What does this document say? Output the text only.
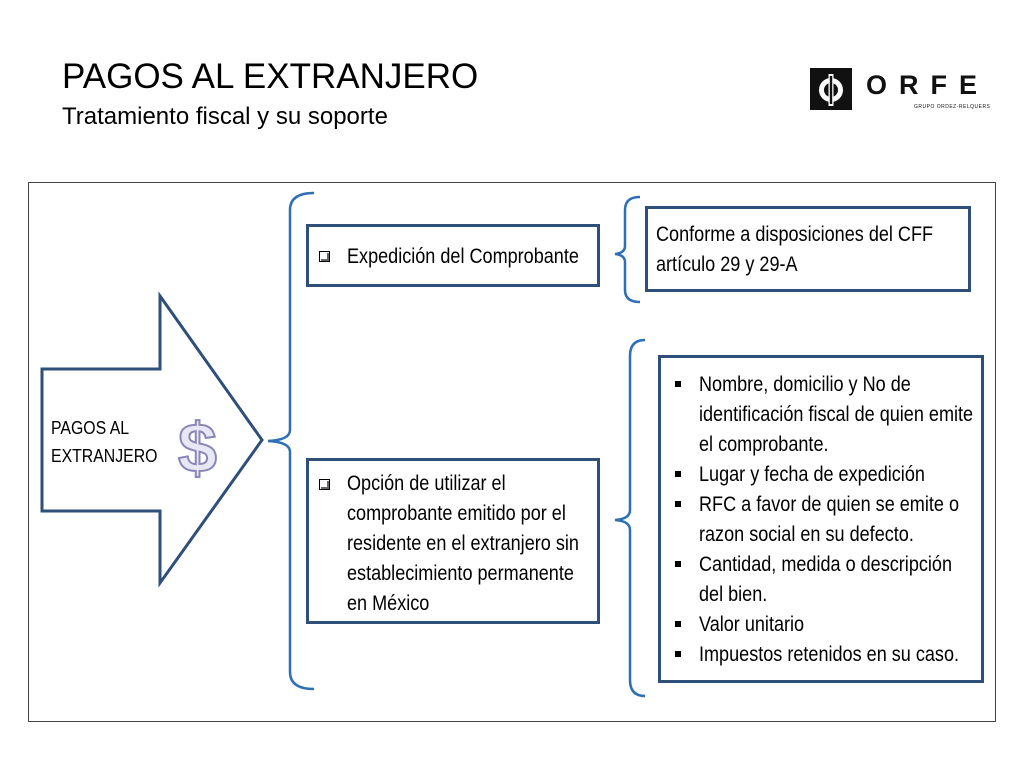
PAGOS AL EXTRANJERO
Tratamiento fiscal y su soporte
ORFE
GRUPO ORDEZ-RELQUERS
PAGOS AL
EXTRANJERO $
Expedición del Comprobante
Opción de utilizar el
comprobante emitido por el
residente en el extranjero sin
establecimiento permanente
en México
Conforme a disposiciones del CFF
artículo 29 y 29-A
Nombre, domicilio y No de
identificación fiscal de quien emite
el comprobante.
Lugar y fecha de expedición
RFC a favor de quien se emite o
razon social en su defecto.
Cantidad, medida o descripción
del bien.
Valor unitario
Impuestos retenidos en su caso.
